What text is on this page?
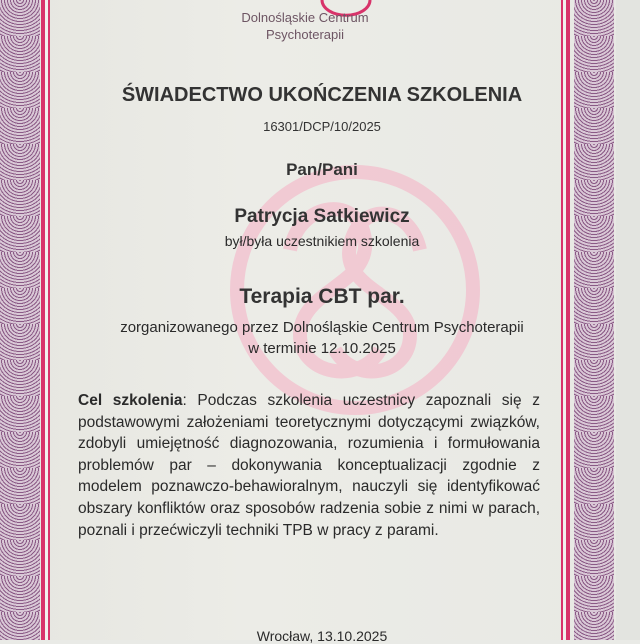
Dolnośląskie Centrum
Psychoterapii
ŚWIADECTWO UKOŃCZENIA SZKOLENIA
16301/DCP/10/2025
Pan/Pani
Patrycja Satkiewicz
był/była uczestnikiem szkolenia
Terapia CBT par.
zorganizowanego przez Dolnośląskie Centrum Psychoterapii
w terminie 12.10.2025
Cel szkolenia: Podczas szkolenia uczestnicy zapoznali się z podstawowymi założeniami teoretycznymi dotyczącymi związków, zdobyli umiejętność diagnozowania, rozumienia i formułowania problemów par – dokonywania konceptualizacji zgodnie z modelem poznawczo-behawioralnym, nauczyli się identyfikować obszary konfliktów oraz sposobów radzenia sobie z nimi w parach, poznali i przećwiczyli techniki TPB w pracy z parami.
Wrocław, 13.10.2025
